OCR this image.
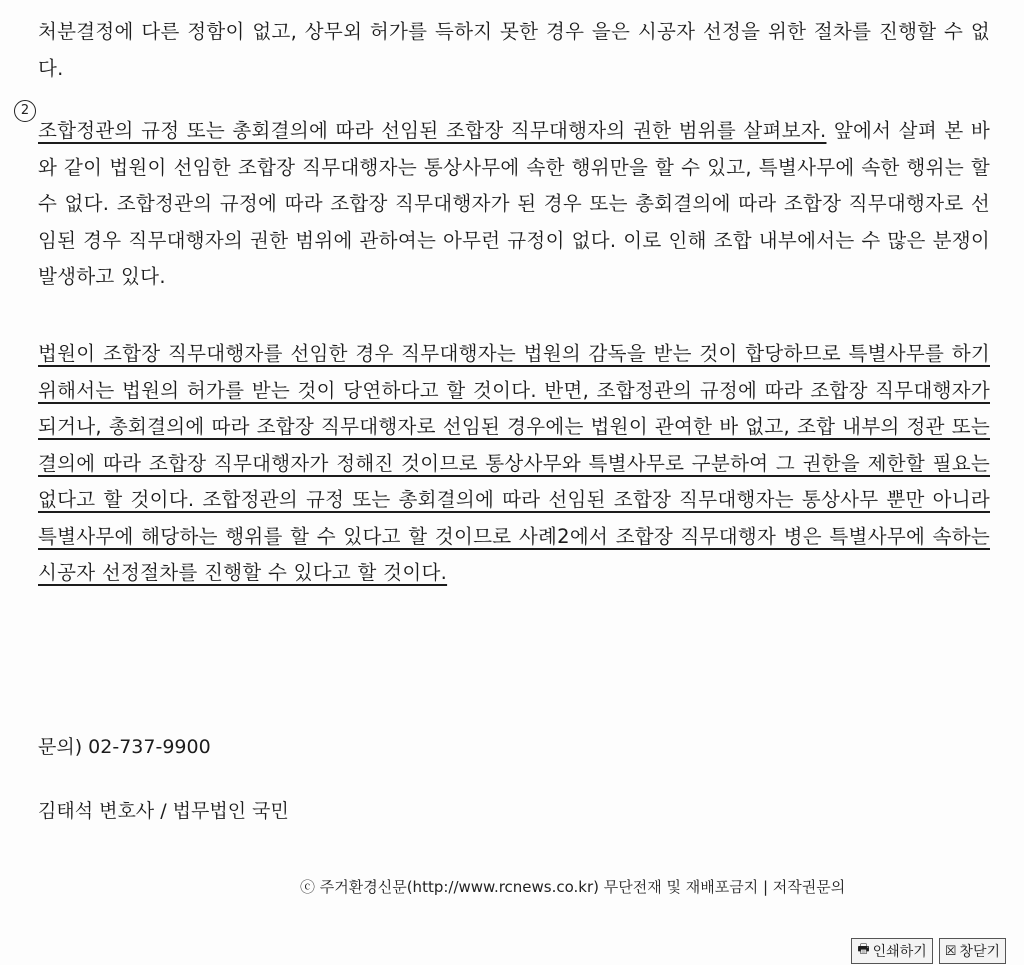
처분결정에 다른 정함이 없고, 상무외 허가를 득하지 못한 경우 을은 시공자 선정을 위한 절차를 진행할 수 없다.
2
조합정관의 규정 또는 총회결의에 따라 선임된 조합장 직무대행자의 권한 범위를 살펴보자. 앞에서 살펴 본 바와 같이 법원이 선임한 조합장 직무대행자는 통상사무에 속한 행위만을 할 수 있고, 특별사무에 속한 행위는 할 수 없다. 조합정관의 규정에 따라 조합장 직무대행자가 된 경우 또는 총회결의에 따라 조합장 직무대행자로 선임된 경우 직무대행자의 권한 범위에 관하여는 아무런 규정이 없다. 이로 인해 조합 내부에서는 수 많은 분쟁이 발생하고 있다.
법원이 조합장 직무대행자를 선임한 경우 직무대행자는 법원의 감독을 받는 것이 합당하므로 특별사무를 하기 위해서는 법원의 허가를 받는 것이 당연하다고 할 것이다. 반면, 조합정관의 규정에 따라 조합장 직무대행자가 되거나, 총회결의에 따라 조합장 직무대행자로 선임된 경우에는 법원이 관여한 바 없고, 조합 내부의 정관 또는 결의에 따라 조합장 직무대행자가 정해진 것이므로 통상사무와 특별사무로 구분하여 그 권한을 제한할 필요는 없다고 할 것이다. 조합정관의 규정 또는 총회결의에 따라 선임된 조합장 직무대행자는 통상사무 뿐만 아니라 특별사무에 해당하는 행위를 할 수 있다고 할 것이므로 사례2에서 조합장 직무대행자 병은 특별사무에 속하는 시공자 선정절차를 진행할 수 있다고 할 것이다.
문의) 02-737-9900
김태석 변호사 / 법무법인 국민
ⓒ 주거환경신문(http://www.rcnews.co.kr) 무단전재 및 재배포금지 | 저작권문의
🖶 인쇄하기 ☒ 창닫기
